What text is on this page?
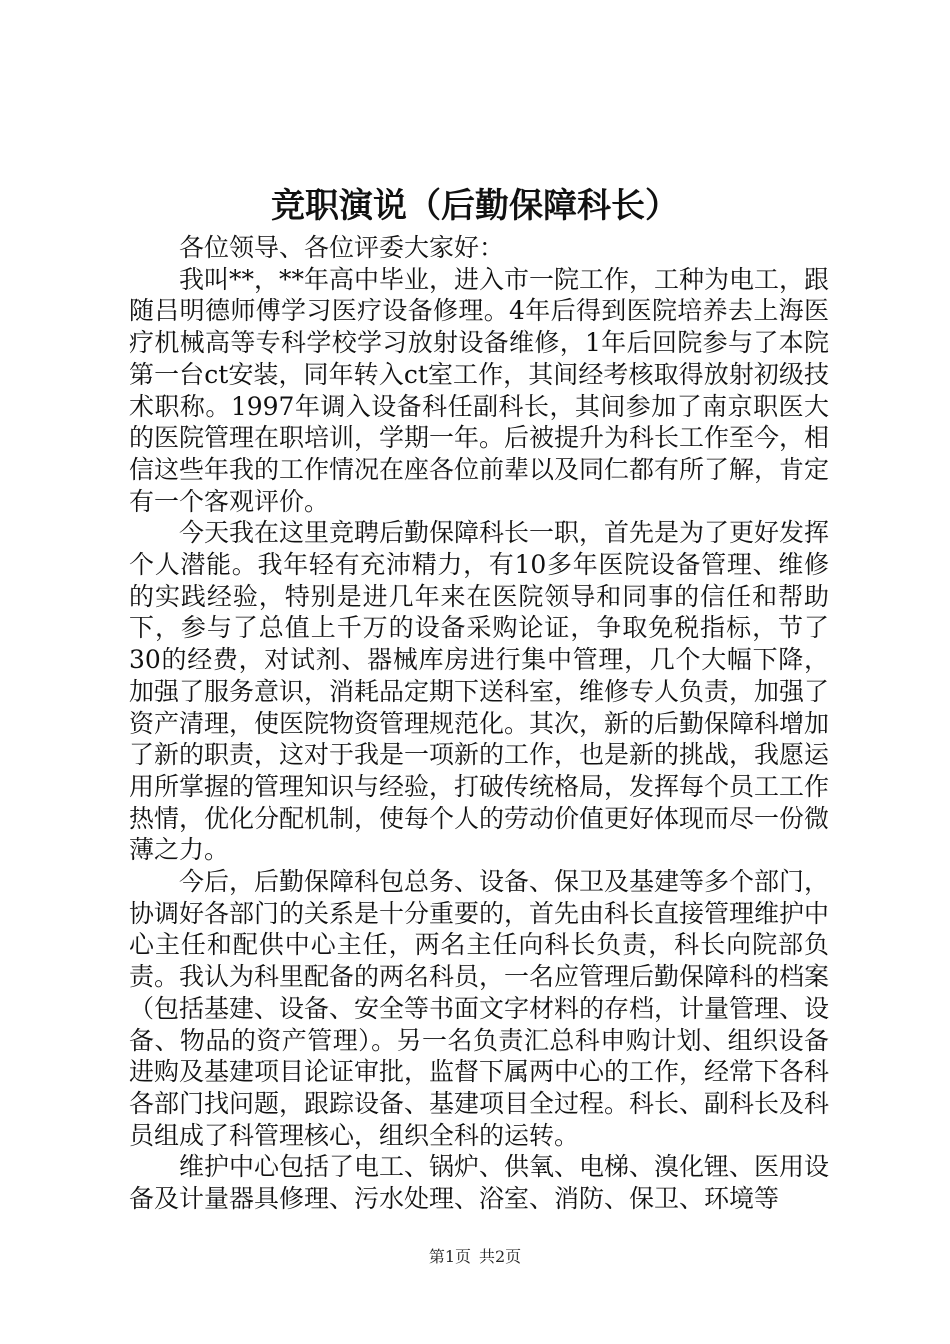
竞职演说（后勤保障科长）

各位领导、各位评委大家好：

我叫**，**年高中毕业，进入市一院工作，工种为电工，跟随吕明德师傅学习医疗设备修理。4年后得到医院培养去上海医疗机械高等专科学校学习放射设备维修，1年后回院参与了本院第一台ct安装，同年转入ct室工作，其间经考核取得放射初级技术职称。1997年调入设备科任副科长，其间参加了南京职医大的医院管理在职培训，学期一年。后被提升为科长工作至今，相信这些年我的工作情况在座各位前辈以及同仁都有所了解，肯定有一个客观评价。

今天我在这里竞聘后勤保障科长一职，首先是为了更好发挥个人潜能。我年轻有充沛精力，有10多年医院设备管理、维修的实践经验，特别是进几年来在医院领导和同事的信任和帮助下，参与了总值上千万的设备采购论证，争取免税指标，节了30的经费，对试剂、器械库房进行集中管理，几个大幅下降，加强了服务意识，消耗品定期下送科室，维修专人负责，加强了资产清理，使医院物资管理规范化。其次，新的后勤保障科增加了新的职责，这对于我是一项新的工作，也是新的挑战，我愿运用所掌握的管理知识与经验，打破传统格局，发挥每个员工工作热情，优化分配机制，使每个人的劳动价值更好体现而尽一份微薄之力。

今后，后勤保障科包总务、设备、保卫及基建等多个部门，协调好各部门的关系是十分重要的，首先由科长直接管理维护中心主任和配供中心主任，两名主任向科长负责，科长向院部负责。我认为科里配备的两名科员，一名应管理后勤保障科的档案（包括基建、设备、安全等书面文字材料的存档，计量管理、设备、物品的资产管理）。另一名负责汇总科申购计划、组织设备进购及基建项目论证审批，监督下属两中心的工作，经常下各科各部门找问题，跟踪设备、基建项目全过程。科长、副科长及科员组成了科管理核心，组织全科的运转。

维护中心包括了电工、锅炉、供氧、电梯、溴化锂、医用设备及计量器具修理、污水处理、浴室、消防、保卫、环境等

第1页 共2页
